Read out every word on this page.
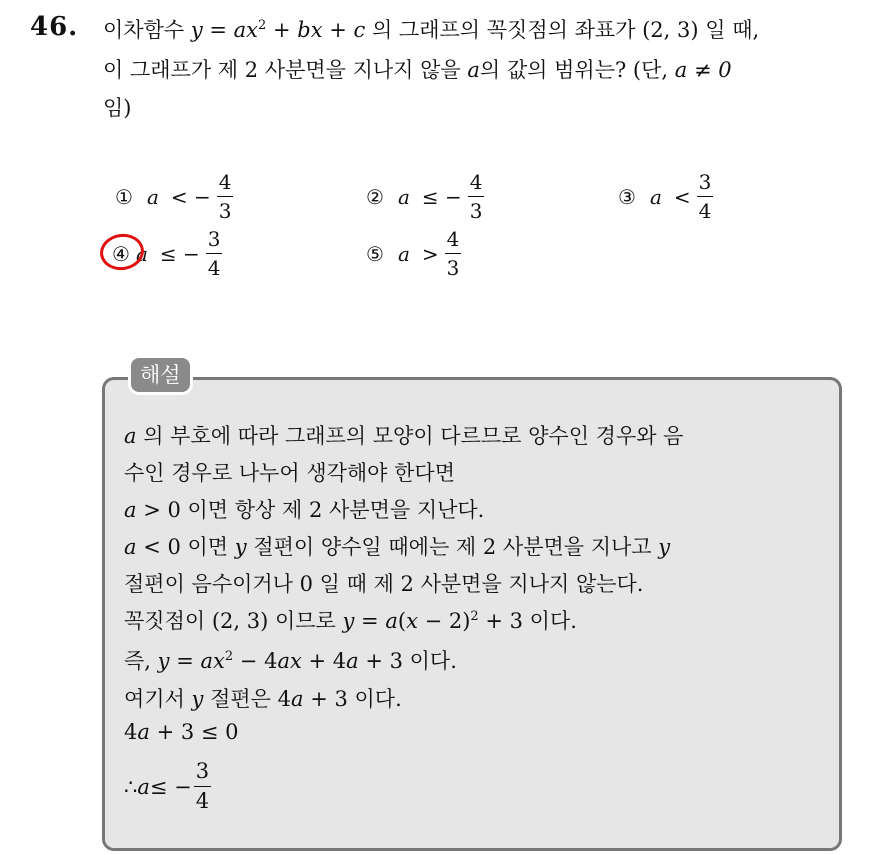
46. 이차함수 $y = ax^2$ + bx + c 의 그래프의 꼭짓점의 좌표가 (2, 3) 일 때,
이 그래프가 제 2 사분면을 지나지 않을 a의 값의 범위는? (단, a ≠ 0
임)
① a < − $\frac{4}{3}$	② a ≤ − $\frac{4}{3}$	③ $a < \frac{3}{4}$
④ a ≤ − $\frac{3}{4}$	⑤ $a > \frac{4}{3}$
해설
a 의 부호에 따라 그래프의 모양이 다르므로 양수인 경우와 음
수인 경우로 나누어 생각해야 한다면
a > 0 이면 항상 제 2 사분면을 지난다.
a < 0 이면 y 절편이 양수일 때에는 제 2 사분면을 지나고 y
절편이 음수이거나 0 일 때 제 2 사분면을 지나지 않는다.
꼭짓점이 (2, 3) 이므로 $y = a(x - 2)^2 + 3$ 이다.
즉, $y = ax^2 - 4ax + 4a + 3$ 이다.
여기서 y 절편은 4a + 3 이다.
4a + 3 ≤ 0
∴ a ≤ − $\frac{3}{4}$
